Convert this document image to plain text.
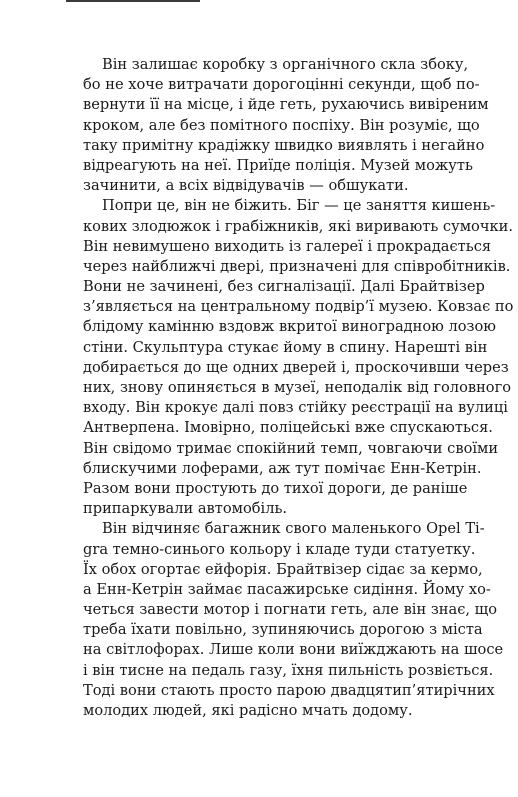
Він залишає коробку з органічного скла збоку,
бо не хоче витрачати дорогоцінні секунди, щоб по-
вернути її на місце, і йде геть, рухаючись вивіреним
кроком, але без помітного поспіху. Він розуміє, що
таку примітну крадіжку швидко виявлять і негайно
відреагують на неї. Приїде поліція. Музей можуть
зачинити, а всіх відвідувачів — обшукати.
Попри це, він не біжить. Біг — це заняття кишень-
кових злодюжок і грабіжників, які виривають сумочки.
Він невимушено виходить із галереї і прокрадається
через найближчі двері, призначені для співробітників.
Вони не зачинені, без сигналізації. Далі Брайтвізер
з’являється на центральному подвір’ї музею. Ковзає по
блідому камінню вздовж вкритої виноградною лозою
стіни. Скульптура стукає йому в спину. Нарешті він
добирається до ще одних дверей і, проскочивши через
них, знову опиняється в музеї, неподалік від головного
входу. Він крокує далі повз стійку реєстрації на вулиці
Антверпена. Імовірно, поліцейські вже спускаються.
Він свідомо тримає спокійний темп, човгаючи своїми
блискучими лоферами, аж тут помічає Енн-Кетрін.
Разом вони простують до тихої дороги, де раніше
припаркували автомобіль.
Він відчиняє багажник свого маленького Opel Ti-
gra темно-синього кольору і кладе туди статуетку.
Їх обох огортає ейфорія. Брайтвізер сідає за кермо,
а Енн-Кетрін займає пасажирське сидіння. Йому хо-
четься завести мотор і погнати геть, але він знає, що
треба їхати повільно, зупиняючись дорогою з міста
на світлофорах. Лише коли вони виїжджають на шосе
і він тисне на педаль газу, їхня пильність розвіється.
Тоді вони стають просто парою двадцятип’ятирічних
молодих людей, які радісно мчать додому.
